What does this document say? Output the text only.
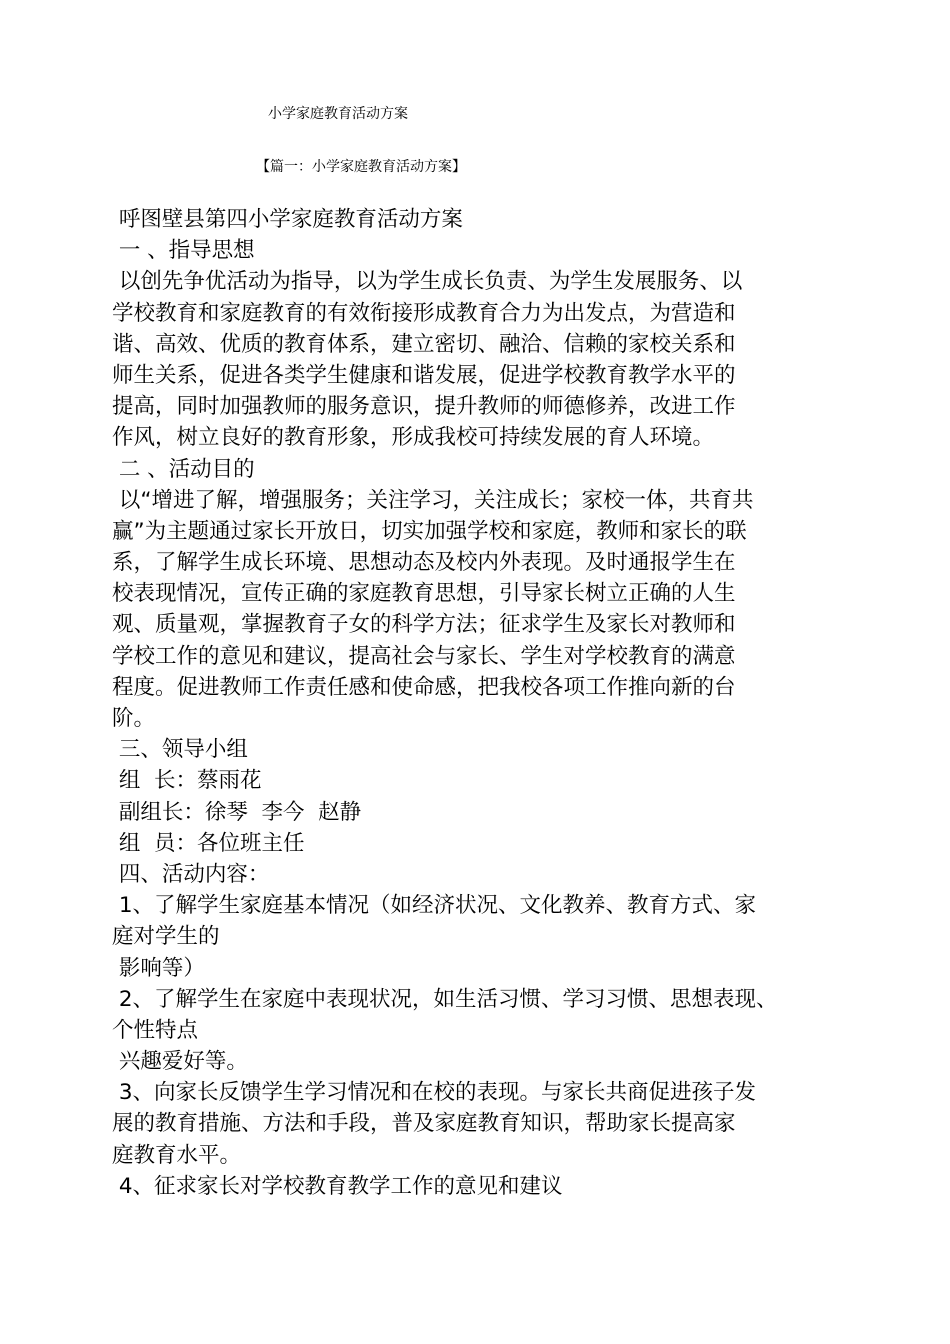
小学家庭教育活动方案
【篇一：小学家庭教育活动方案】
呼图壁县第四小学家庭教育活动方案
一 、指导思想
以创先争优活动为指导，以为学生成长负责、为学生发展服务、以
学校教育和家庭教育的有效衔接形成教育合力为出发点，为营造和
谐、高效、优质的教育体系，建立密切、融洽、信赖的家校关系和
师生关系，促进各类学生健康和谐发展，促进学校教育教学水平的
提高，同时加强教师的服务意识，提升教师的师德修养，改进工作
作风，树立良好的教育形象，形成我校可持续发展的育人环境。
二 、活动目的
以“增进了解，增强服务；关注学习，关注成长；家校一体，共育共
赢”为主题通过家长开放日，切实加强学校和家庭，教师和家长的联
系，了解学生成长环境、思想动态及校内外表现。及时通报学生在
校表现情况，宣传正确的家庭教育思想，引导家长树立正确的人生
观、质量观，掌握教育子女的科学方法；征求学生及家长对教师和
学校工作的意见和建议，提高社会与家长、学生对学校教育的满意
程度。促进教师工作责任感和使命感，把我校各项工作推向新的台
阶。
三、领导小组
组  长：蔡雨花
副组长：徐琴  李今  赵静
组  员：各位班主任
四、活动内容：
1、了解学生家庭基本情况（如经济状况、文化教养、教育方式、家
庭对学生的
影响等）
2、了解学生在家庭中表现状况，如生活习惯、学习习惯、思想表现、
个性特点
兴趣爱好等。
3、向家长反馈学生学习情况和在校的表现。与家长共商促进孩子发
展的教育措施、方法和手段，普及家庭教育知识，帮助家长提高家
庭教育水平。
4、征求家长对学校教育教学工作的意见和建议
